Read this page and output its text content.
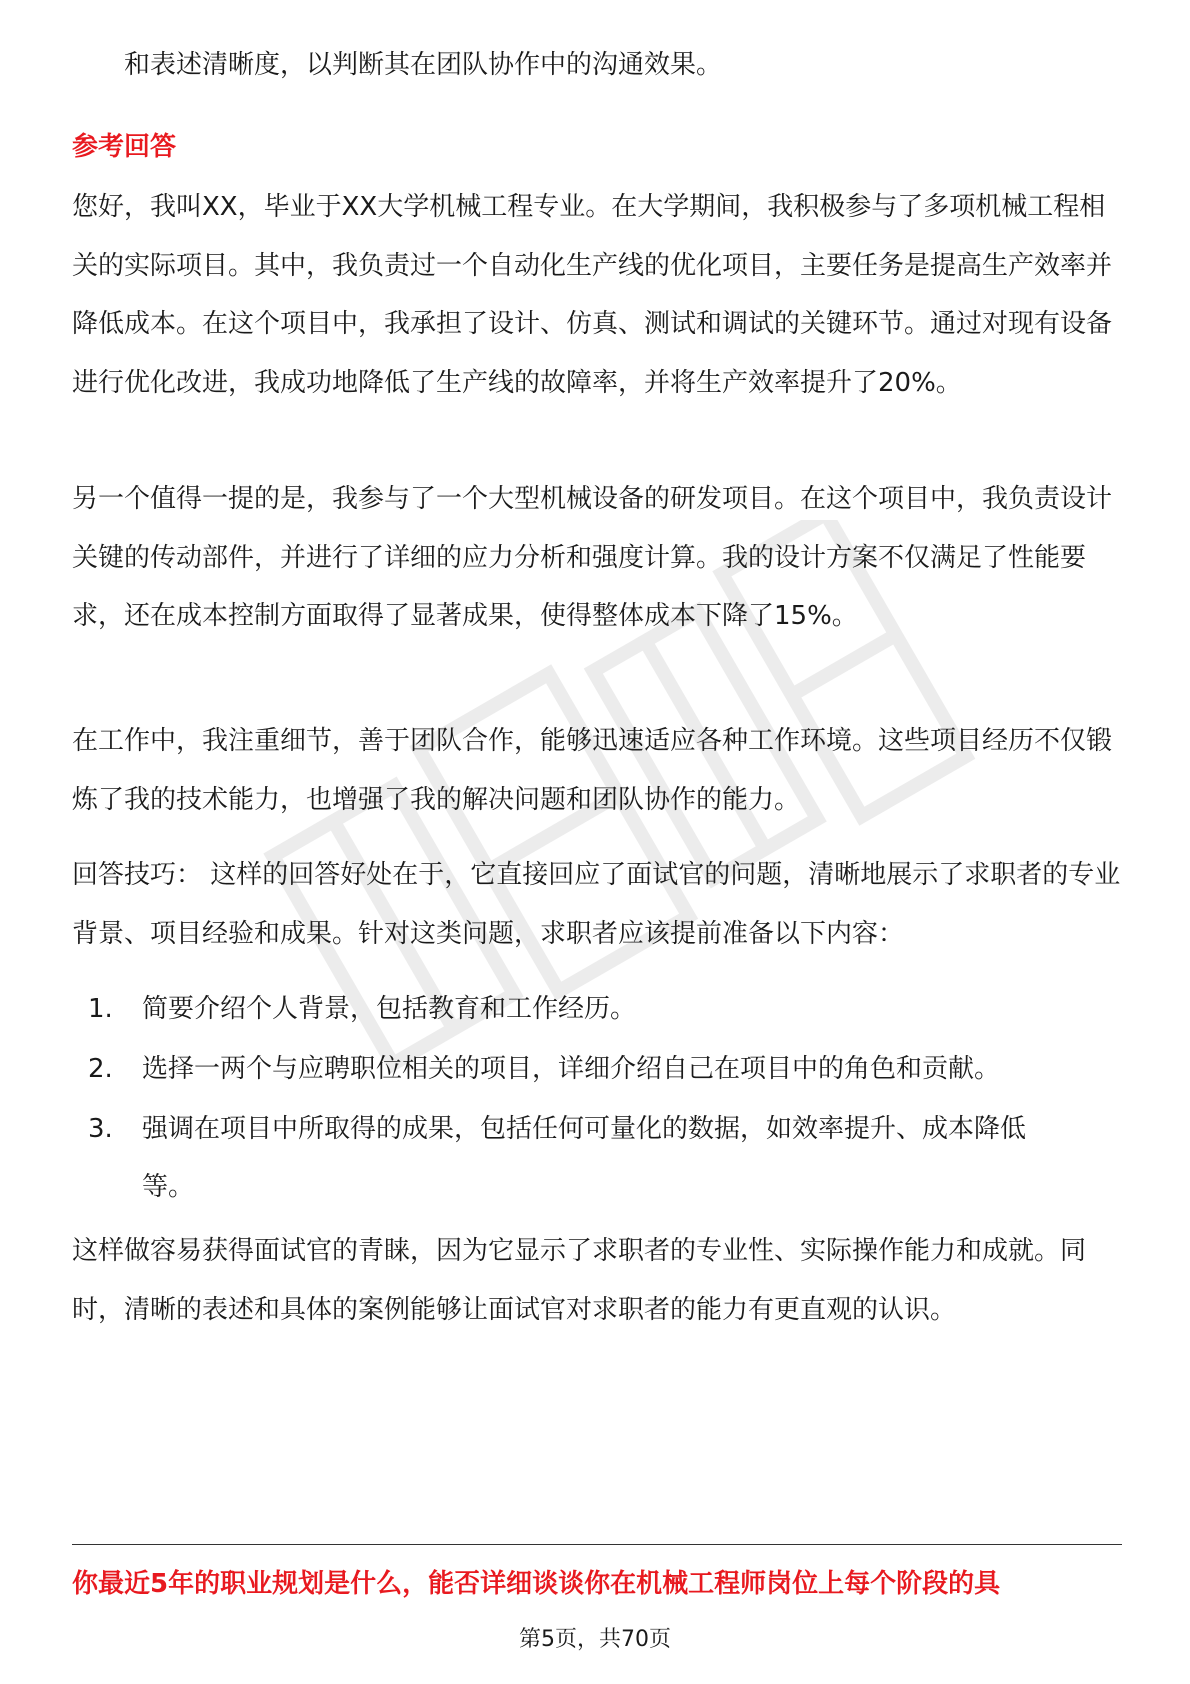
和表述清晰度，以判断其在团队协作中的沟通效果。
参考回答
您好，我叫XX，毕业于XX大学机械工程专业。在大学期间，我积极参与了多项机械工程相关的实际项目。其中，我负责过一个自动化生产线的优化项目，主要任务是提高生产效率并降低成本。在这个项目中，我承担了设计、仿真、测试和调试的关键环节。通过对现有设备进行优化改进，我成功地降低了生产线的故障率，并将生产效率提升了20%。
另一个值得一提的是，我参与了一个大型机械设备的研发项目。在这个项目中，我负责设计关键的传动部件，并进行了详细的应力分析和强度计算。我的设计方案不仅满足了性能要求，还在成本控制方面取得了显著成果，使得整体成本下降了15%。
在工作中，我注重细节，善于团队合作，能够迅速适应各种工作环境。这些项目经历不仅锻炼了我的技术能力，也增强了我的解决问题和团队协作的能力。
回答技巧： 这样的回答好处在于，它直接回应了面试官的问题，清晰地展示了求职者的专业背景、项目经验和成果。针对这类问题，求职者应该提前准备以下内容：
1.	简要介绍个人背景，包括教育和工作经历。
2.	选择一两个与应聘职位相关的项目，详细介绍自己在项目中的角色和贡献。
3.	强调在项目中所取得的成果，包括任何可量化的数据，如效率提升、成本降低等。
这样做容易获得面试官的青睐，因为它显示了求职者的专业性、实际操作能力和成就。同时，清晰的表述和具体的案例能够让面试官对求职者的能力有更直观的认识。
你最近5年的职业规划是什么，能否详细谈谈你在机械工程师岗位上每个阶段的具
第5页，共70页
